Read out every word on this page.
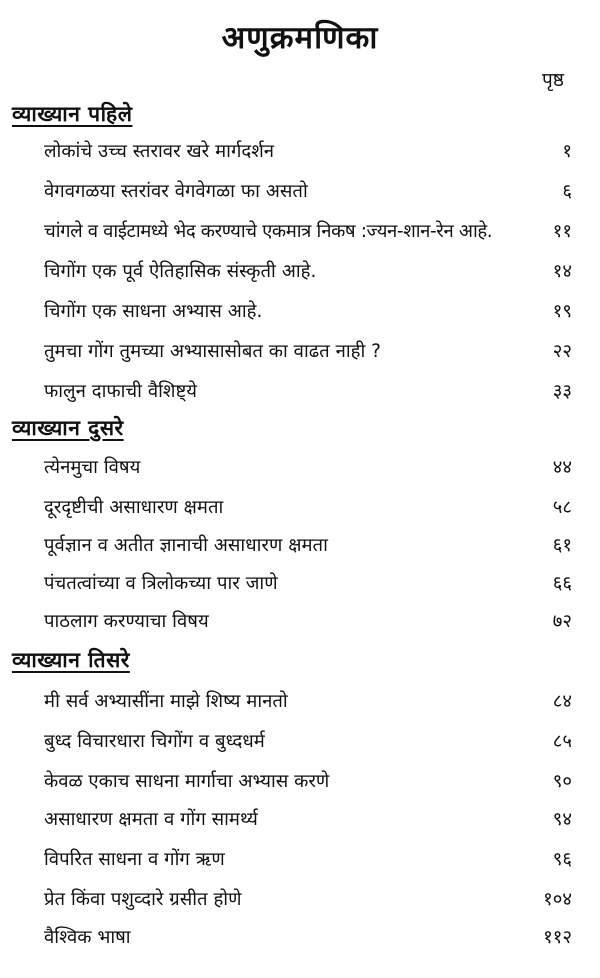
अणुक्रमणिका
पृष्ठ
व्याख्यान पहिले
लोकांचे उच्च स्तरावर खरे मार्गदर्शन	१
वेगवगळया स्तरांवर वेगवेगळा फा असतो	६
चांगले व वाईटामध्ये भेद करण्याचे एकमात्र निकष :ज्यन-शान-रेन आहे.	११
चिगोंग एक पूर्व ऐतिहासिक संस्कृती आहे.	१४
चिगोंग एक साधना अभ्यास आहे.	१९
तुमचा गोंग तुमच्या अभ्यासासोबत का वाढत नाही ?	२२
फालुन दाफाची वैशिष्ट्ये	३३
व्याख्यान दुसरे
त्येनमुचा विषय	४४
दूरदृष्टीची असाधारण क्षमता	५८
पूर्वज्ञान व अतीत ज्ञानाची असाधारण क्षमता	६१
पंचतत्वांच्या व त्रिलोकच्या पार जाणे	६६
पाठलाग करण्याचा विषय	७२
व्याख्यान तिसरे
मी सर्व अभ्यासींना माझे शिष्य मानतो	८४
बुध्द विचारधारा चिगोंग व बुध्दधर्म	८५
केवळ एकाच साधना मार्गाचा अभ्यास करणे	९०
असाधारण क्षमता व गोंग सामर्थ्य	९४
विपरित साधना व गोंग ऋण	९६
प्रेत किंवा पशुव्दारे ग्रसीत होणे	१०४
वैश्विक भाषा	११२
